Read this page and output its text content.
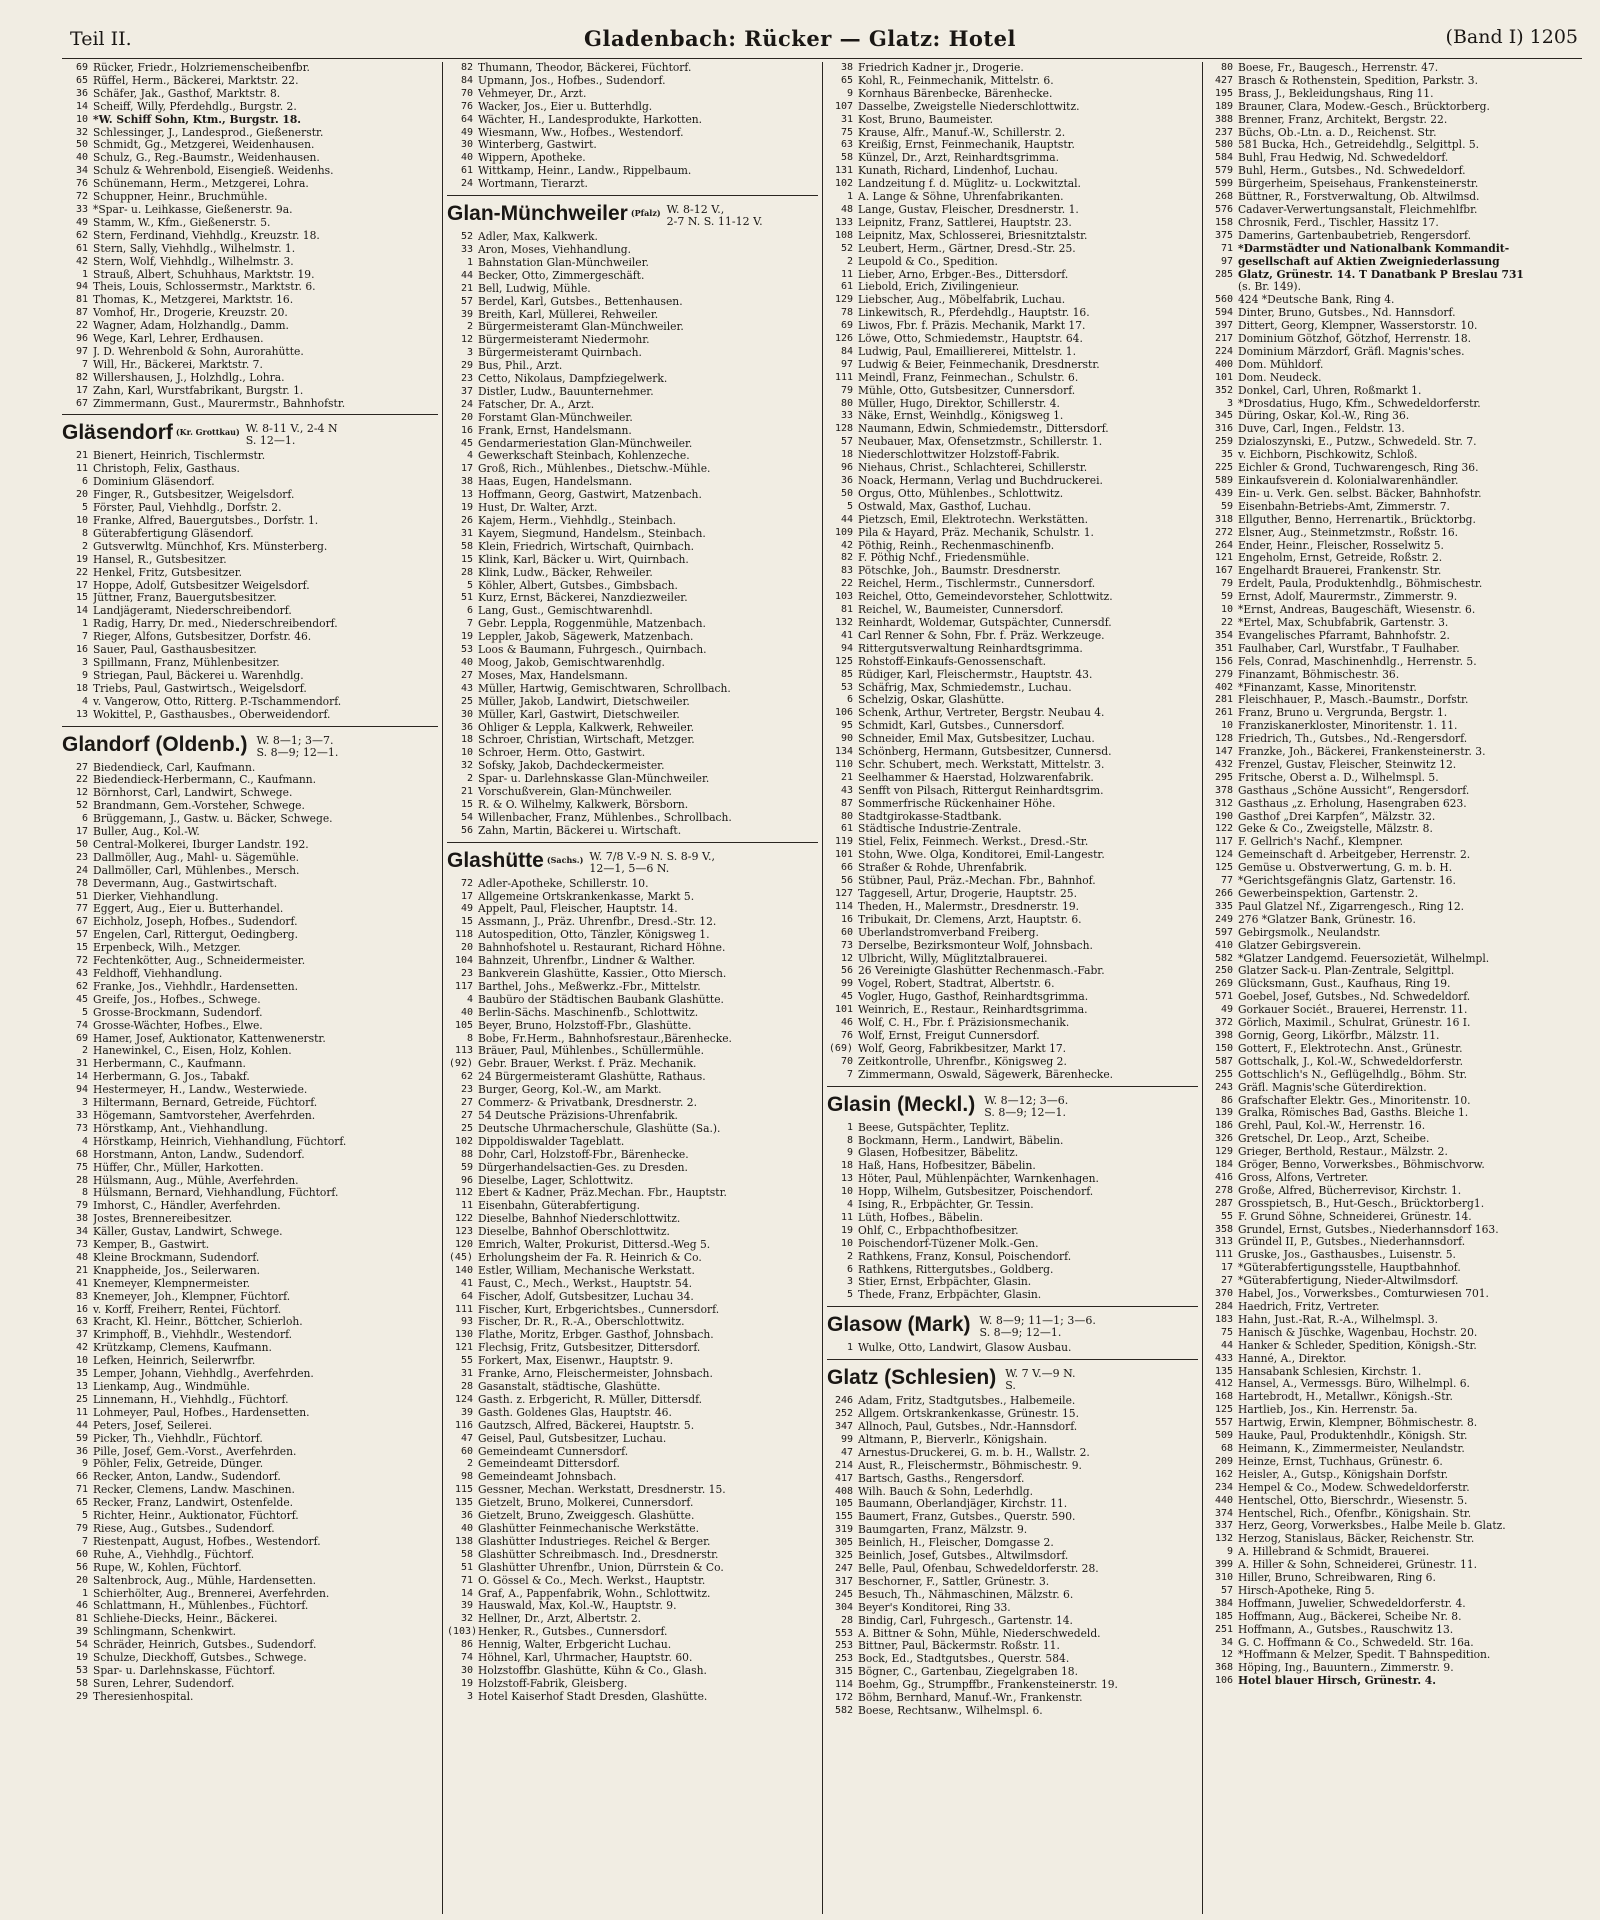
Teil II.	Gladenbach: Rücker — Glatz: Hotel	(Band I) 1205
69 Rücker, Friedr., Holzriemenscheibenfbr.
65 Rüffel, Herm., Bäckerei, Marktstr. 22.
36 Schäfer, Jak., Gasthof, Marktstr. 8.
14 Scheiff, Willy, Pferdehdlg., Burgstr. 2.
10 *W. Schiff Sohn, Ktm., Burgstr. 18.
32 Schlessinger, J., Landesprod., Gießenerstr.
50 Schmidt, Gg., Metzgerei, Weidenhausen.
40 Schulz, G., Reg.-Baumstr., Weidenhausen.
34 Schulz & Wehrenbold, Eisengieß. Weidenhs.
76 Schünemann, Herm., Metzgerei, Lohra.
72 Schuppner, Heinr., Bruchmühle.
33 *Spar- u. Leihkasse, Gießenerstr. 9a.
49 Stamm, W., Kfm., Gießenerstr. 5.
62 Stern, Ferdinand, Viehhdlg., Kreuzstr. 18.
61 Stern, Sally, Viehhdlg., Wilhelmstr. 1.
42 Stern, Wolf, Viehhdlg., Wilhelmstr. 3.
1 Strauß, Albert, Schuhhaus, Marktstr. 19.
94 Theis, Louis, Schlossermstr., Marktstr. 6.
81 Thomas, K., Metzgerei, Marktstr. 16.
87 Vomhof, Hr., Drogerie, Kreuzstr. 20.
22 Wagner, Adam, Holzhandlg., Damm.
96 Wege, Karl, Lehrer, Erdhausen.
97 J. D. Wehrenbold & Sohn, Aurorahütte.
7 Will, Hr., Bäckerei, Marktstr. 7.
82 Willershausen, J., Holzhdlg., Lohra.
17 Zahn, Karl, Wurstfabrikant, Burgstr. 1.
67 Zimmermann, Gust., Maurermstr., Bahnhofstr.
Gläsendorf (Kr. Grottkau) W. 8-11 V., 2-4 N
S. 12—1.
21 Bienert, Heinrich, Tischlermstr.
11 Christoph, Felix, Gasthaus.
6 Dominium Gläsendorf.
20 Finger, R., Gutsbesitzer, Weigelsdorf.
5 Förster, Paul, Viehhdlg., Dorfstr. 2.
10 Franke, Alfred, Bauergutsbes., Dorfstr. 1.
8 Güterabfertigung Gläsendorf.
2 Gutsverwltg. Münchhof, Krs. Münsterberg.
19 Hansel, R., Gutsbesitzer.
22 Henkel, Fritz, Gutsbesitzer.
17 Hoppe, Adolf, Gutsbesitzer Weigelsdorf.
15 Jüttner, Franz, Bauergutsbesitzer.
14 Landjägeramt, Niederschreibendorf.
1 Radig, Harry, Dr. med., Niederschreibendorf.
7 Rieger, Alfons, Gutsbesitzer, Dorfstr. 46.
16 Sauer, Paul, Gasthausbesitzer.
3 Spillmann, Franz, Mühlenbesitzer.
9 Striegan, Paul, Bäckerei u. Warenhdlg.
18 Triebs, Paul, Gastwirtsch., Weigelsdorf.
4 v. Vangerow, Otto, Ritterg. P.-Tschammendorf.
13 Wokittel, P., Gasthausbes., Oberweidendorf.
Glandorf (Oldenb.) W. 8—1; 3—7.
S. 8—9; 12—1.
27 Biedendieck, Carl, Kaufmann.
22 Biedendieck-Herbermann, C., Kaufmann.
12 Börnhorst, Carl, Landwirt, Schwege.
52 Brandmann, Gem.-Vorsteher, Schwege.
6 Brüggemann, J., Gastw. u. Bäcker, Schwege.
17 Buller, Aug., Kol.-W.
50 Central-Molkerei, Iburger Landstr. 192.
23 Dallmöller, Aug., Mahl- u. Sägemühle.
24 Dallmöller, Carl, Mühlenbes., Mersch.
78 Devermann, Aug., Gastwirtschaft.
51 Dierker, Viehhandlung.
77 Eggert, Aug., Eier u. Butterhandel.
67 Eichholz, Joseph, Hofbes., Sudendorf.
57 Engelen, Carl, Rittergut, Oedingberg.
15 Erpenbeck, Wilh., Metzger.
72 Fechtenkötter, Aug., Schneidermeister.
43 Feldhoff, Viehhandlung.
62 Franke, Jos., Viehhdlr., Hardensetten.
45 Greife, Jos., Hofbes., Schwege.
5 Grosse-Brockmann, Sudendorf.
74 Grosse-Wächter, Hofbes., Elwe.
69 Hamer, Josef, Auktionator, Kattenwenerstr.
2 Hanewinkel, C., Eisen, Holz, Kohlen.
31 Herbermann, C., Kaufmann.
14 Herbermann, G. Jos., Tabakf.
94 Hestermeyer, H., Landw., Westerwiede.
3 Hiltermann, Bernard, Getreide, Füchtorf.
33 Högemann, Samtvorsteher, Averfehrden.
73 Hörstkamp, Ant., Viehhandlung.
4 Hörstkamp, Heinrich, Viehhandlung, Füchtorf.
68 Horstmann, Anton, Landw., Sudendorf.
75 Hüffer, Chr., Müller, Harkotten.
28 Hülsmann, Aug., Mühle, Averfehrden.
8 Hülsmann, Bernard, Viehhandlung, Füchtorf.
79 Imhorst, C., Händler, Averfehrden.
38 Jostes, Brennereibesitzer.
34 Käller, Gustav, Landwirt, Schwege.
73 Kemper, B., Gastwirt.
48 Kleine Brockmann, Sudendorf.
21 Knappheide, Jos., Seilerwaren.
41 Knemeyer, Klempnermeister.
83 Knemeyer, Joh., Klempner, Füchtorf.
16 v. Korff, Freiherr, Rentei, Füchtorf.
63 Kracht, Kl. Heinr., Böttcher, Schierloh.
37 Krimphoff, B., Viehhdlr., Westendorf.
42 Krützkamp, Clemens, Kaufmann.
10 Lefken, Heinrich, Seilerwrfbr.
35 Lemper, Johann, Viehhdlg., Averfehrden.
13 Lienkamp, Aug., Windmühle.
25 Linnemann, H., Viehhdlg., Füchtorf.
11 Lohmeyer, Paul, Hofbes., Hardensetten.
44 Peters, Josef, Seilerei.
59 Picker, Th., Viehhdlr., Füchtorf.
36 Pille, Josef, Gem.-Vorst., Averfehrden.
9 Pöhler, Felix, Getreide, Dünger.
66 Recker, Anton, Landw., Sudendorf.
71 Recker, Clemens, Landw. Maschinen.
65 Recker, Franz, Landwirt, Ostenfelde.
5 Richter, Heinr., Auktionator, Füchtorf.
79 Riese, Aug., Gutsbes., Sudendorf.
7 Riestenpatt, August, Hofbes., Westendorf.
60 Ruhe, A., Viehhdlg., Füchtorf.
56 Rupe, W., Kohlen, Füchtorf.
20 Saltenbrock, Aug., Mühle, Hardensetten.
1 Schierhölter, Aug., Brennerei, Averfehrden.
46 Schlattmann, H., Mühlenbes., Füchtorf.
81 Schliehe-Diecks, Heinr., Bäckerei.
39 Schlingmann, Schenkwirt.
54 Schräder, Heinrich, Gutsbes., Sudendorf.
19 Schulze, Dieckhoff, Gutsbes., Schwege.
53 Spar- u. Darlehnskasse, Füchtorf.
58 Suren, Lehrer, Sudendorf.
29 Theresienhospital.
82 Thumann, Theodor, Bäckerei, Füchtorf.
84 Upmann, Jos., Hofbes., Sudendorf.
70 Vehmeyer, Dr., Arzt.
76 Wacker, Jos., Eier u. Butterhdlg.
64 Wächter, H., Landesprodukte, Harkotten.
49 Wiesmann, Ww., Hofbes., Westendorf.
30 Winterberg, Gastwirt.
40 Wippern, Apotheke.
61 Wittkamp, Heinr., Landw., Rippelbaum.
24 Wortmann, Tierarzt.
Glan-Münchweiler (Pfalz) W. 8-12 V.,
2-7 N. S. 11-12 V.
52 Adler, Max, Kalkwerk.
33 Aron, Moses, Viehhandlung.
1 Bahnstation Glan-Münchweiler.
44 Becker, Otto, Zimmergeschäft.
21 Bell, Ludwig, Mühle.
57 Berdel, Karl, Gutsbes., Bettenhausen.
39 Breith, Karl, Müllerei, Rehweiler.
2 Bürgermeisteramt Glan-Münchweiler.
12 Bürgermeisteramt Niedermohr.
3 Bürgermeisteramt Quirnbach.
29 Bus, Phil., Arzt.
23 Cetto, Nikolaus, Dampfziegelwerk.
37 Distler, Ludw., Bauunternehmer.
24 Fatscher, Dr. A., Arzt.
20 Forstamt Glan-Münchweiler.
16 Frank, Ernst, Handelsmann.
45 Gendarmeriestation Glan-Münchweiler.
4 Gewerkschaft Steinbach, Kohlenzeche.
17 Groß, Rich., Mühlenbes., Dietschw.-Mühle.
38 Haas, Eugen, Handelsmann.
13 Hoffmann, Georg, Gastwirt, Matzenbach.
19 Hust, Dr. Walter, Arzt.
26 Kajem, Herm., Viehhdlg., Steinbach.
31 Kayem, Siegmund, Handelsm., Steinbach.
58 Klein, Friedrich, Wirtschaft, Quirnbach.
15 Klink, Karl, Bäcker u. Wirt, Quirnbach.
28 Klink, Ludw., Bäcker, Rehweiler.
5 Köhler, Albert, Gutsbes., Gimbsbach.
51 Kurz, Ernst, Bäckerei, Nanzdiezweiler.
6 Lang, Gust., Gemischtwarenhdl.
7 Gebr. Leppla, Roggenmühle, Matzenbach.
19 Leppler, Jakob, Sägewerk, Matzenbach.
53 Loos & Baumann, Fuhrgesch., Quirnbach.
40 Moog, Jakob, Gemischtwarenhdlg.
27 Moses, Max, Handelsmann.
43 Müller, Hartwig, Gemischtwaren, Schrollbach.
25 Müller, Jakob, Landwirt, Dietschweiler.
30 Müller, Karl, Gastwirt, Dietschweiler.
36 Ohliger & Leppla, Kalkwerk, Rehweiler.
18 Schroer, Christian, Wirtschaft, Metzger.
10 Schroer, Herm. Otto, Gastwirt.
32 Sofsky, Jakob, Dachdeckermeister.
2 Spar- u. Darlehnskasse Glan-Münchweiler.
21 Vorschußverein, Glan-Münchweiler.
15 R. & O. Wilhelmy, Kalkwerk, Börsborn.
54 Willenbacher, Franz, Mühlenbes., Schrollbach.
56 Zahn, Martin, Bäckerei u. Wirtschaft.
Glashütte (Sachs.) W. 7/8 V.-9 N. S. 8-9 V.,
12—1, 5—6 N.
72 Adler-Apotheke, Schillerstr. 10.
17 Allgemeine Ortskrankenkasse, Markt 5.
49 Appelt, Paul, Fleischer, Hauptstr. 14.
15 Assmann, J., Präz. Uhrenfbr., Dresd.-Str. 12.
118 Autospedition, Otto, Tänzler, Königsweg 1.
20 Bahnhofshotel u. Restaurant, Richard Höhne.
104 Bahnzeit, Uhrenfbr., Lindner & Walther.
23 Bankverein Glashütte, Kassier., Otto Miersch.
117 Barthel, Johs., Meßwerkz.-Fbr., Mittelstr.
4 Baubüro der Städtischen Baubank Glashütte.
40 Berlin-Sächs. Maschinenfb., Schlottwitz.
105 Beyer, Bruno, Holzstoff-Fbr., Glashütte.
8 Bobe, Fr.Herm., Bahnhofsrestaur.,Bärenhecke.
113 Bräuer, Paul, Mühlenbes., Schüllermühle.
(92) Gebr. Brauer, Werkst. f. Präz. Mechanik.
62 24 Bürgermeisteramt Glashütte, Rathaus.
23 Burger, Georg, Kol.-W., am Markt.
27 Commerz- & Privatbank, Dresdnerstr. 2.
27 54 Deutsche Präzisions-Uhrenfabrik.
25 Deutsche Uhrmacherschule, Glashütte (Sa.).
102 Dippoldiswalder Tageblatt.
88 Dohr, Carl, Holzstoff-Fbr., Bärenhecke.
59 Dürgerhandelsactien-Ges. zu Dresden.
96 Dieselbe, Lager, Schlottwitz.
112 Ebert & Kadner, Präz.Mechan. Fbr., Hauptstr.
11 Eisenbahn, Güterabfertigung.
122 Dieselbe, Bahnhof Niederschlottwitz.
123 Dieselbe, Bahnhof Oberschlottwitz.
120 Emrich, Walter, Prokurist, Dittersd.-Weg 5.
(45) Erholungsheim der Fa. R. Heinrich & Co.
140 Estler, William, Mechanische Werkstatt.
41 Faust, C., Mech., Werkst., Hauptstr. 54.
64 Fischer, Adolf, Gutsbesitzer, Luchau 34.
111 Fischer, Kurt, Erbgerichtsbes., Cunnersdorf.
93 Fischer, Dr. R., R.-A., Oberschlottwitz.
130 Flathe, Moritz, Erbger. Gasthof, Johnsbach.
121 Flechsig, Fritz, Gutsbesitzer, Dittersdorf.
55 Forkert, Max, Eisenwr., Hauptstr. 9.
31 Franke, Arno, Fleischermeister, Johnsbach.
28 Gasanstalt, städtische, Glashütte.
124 Gasth. z. Erbgericht, R. Müller, Dittersdf.
39 Gasth. Goldenes Glas, Hauptstr. 46.
116 Gautzsch, Alfred, Bäckerei, Hauptstr. 5.
47 Geisel, Paul, Gutsbesitzer, Luchau.
60 Gemeindeamt Cunnersdorf.
2 Gemeindeamt Dittersdorf.
98 Gemeindeamt Johnsbach.
115 Gessner, Mechan. Werkstatt, Dresdnerstr. 15.
135 Gietzelt, Bruno, Molkerei, Cunnersdorf.
36 Gietzelt, Bruno, Zweiggesch. Glashütte.
40 Glashütter Feinmechanische Werkstätte.
138 Glashütter Industrieges. Reichel & Berger.
58 Glashütter Schreibmasch. Ind., Dresdnerstr.
51 Glashütter Uhrenfbr., Union, Dürrstein & Co.
71 O. Gössel & Co., Mech. Werkst., Hauptstr.
14 Graf, A., Pappenfabrik, Wohn., Schlottwitz.
39 Hauswald, Max, Kol.-W., Hauptstr. 9.
32 Hellner, Dr., Arzt, Albertstr. 2.
(103) Henker, R., Gutsbes., Cunnersdorf.
86 Hennig, Walter, Erbgericht Luchau.
74 Höhnel, Karl, Uhrmacher, Hauptstr. 60.
30 Holzstoffbr. Glashütte, Kühn & Co., Glash.
19 Holzstoff-Fabrik, Gleisberg.
3 Hotel Kaiserhof Stadt Dresden, Glashütte.
38 Friedrich Kadner jr., Drogerie.
65 Kohl, R., Feinmechanik, Mittelstr. 6.
9 Kornhaus Bärenbecke, Bärenhecke.
107 Dasselbe, Zweigstelle Niederschlottwitz.
31 Kost, Bruno, Baumeister.
75 Krause, Alfr., Manuf.-W., Schillerstr. 2.
63 Kreißig, Ernst, Feinmechanik, Hauptstr.
58 Künzel, Dr., Arzt, Reinhardtsgrimma.
131 Kunath, Richard, Lindenhof, Luchau.
102 Landzeitung f. d. Müglitz- u. Lockwitztal.
1 A. Lange & Söhne, Uhrenfabrikanten.
48 Lange, Gustav, Fleischer, Dresdnerstr. 1.
133 Leipnitz, Franz, Sattlerei, Hauptstr. 23.
108 Leipnitz, Max, Schlosserei, Briesnitztalstr.
52 Leubert, Herm., Gärtner, Dresd.-Str. 25.
2 Leupold & Co., Spedition.
11 Lieber, Arno, Erbger.-Bes., Dittersdorf.
61 Liebold, Erich, Zivilingenieur.
129 Liebscher, Aug., Möbelfabrik, Luchau.
78 Linkewitsch, R., Pferdehdlg., Hauptstr. 16.
69 Liwos, Fbr. f. Präzis. Mechanik, Markt 17.
126 Löwe, Otto, Schmiedemstr., Hauptstr. 64.
84 Ludwig, Paul, Emailliererei, Mittelstr. 1.
97 Ludwig & Beier, Feinmechanik, Dresdnerstr.
111 Meindl, Franz, Feinmechan., Schulstr. 6.
79 Mühle, Otto, Gutsbesitzer, Cunnersdorf.
80 Müller, Hugo, Direktor, Schillerstr. 4.
33 Näke, Ernst, Weinhdlg., Königsweg 1.
128 Naumann, Edwin, Schmiedemstr., Dittersdorf.
57 Neubauer, Max, Ofensetzmstr., Schillerstr. 1.
18 Niederschlottwitzer Holzstoff-Fabrik.
96 Niehaus, Christ., Schlachterei, Schillerstr.
36 Noack, Hermann, Verlag und Buchdruckerei.
50 Orgus, Otto, Mühlenbes., Schlottwitz.
5 Ostwald, Max, Gasthof, Luchau.
44 Pietzsch, Emil, Elektrotechn. Werkstätten.
109 Pila & Hayard, Präz. Mechanik, Schulstr. 1.
42 Pöthig, Reinh., Rechenmaschinenfb.
82 F. Pöthig Nchf., Friedensmühle.
83 Pötschke, Joh., Baumstr. Dresdnerstr.
22 Reichel, Herm., Tischlermstr., Cunnersdorf.
103 Reichel, Otto, Gemeindevorsteher, Schlottwitz.
81 Reichel, W., Baumeister, Cunnersdorf.
132 Reinhardt, Woldemar, Gutspächter, Cunnersdf.
41 Carl Renner & Sohn, Fbr. f. Präz. Werkzeuge.
94 Rittergutsverwaltung Reinhardtsgrimma.
125 Rohstoff-Einkaufs-Genossenschaft.
85 Rüdiger, Karl, Fleischermstr., Hauptstr. 43.
53 Schäfrig, Max, Schmiedemstr., Luchau.
6 Schelzig, Oskar, Glashütte.
106 Schenk, Arthur, Vertreter, Bergstr. Neubau 4.
95 Schmidt, Karl, Gutsbes., Cunnersdorf.
90 Schneider, Emil Max, Gutsbesitzer, Luchau.
134 Schönberg, Hermann, Gutsbesitzer, Cunnersd.
110 Schr. Schubert, mech. Werkstatt, Mittelstr. 3.
21 Seelhammer & Haerstad, Holzwarenfabrik.
43 Senfft von Pilsach, Rittergut Reinhardtsgrim.
87 Sommerfrische Rückenhainer Höhe.
80 Stadtgirokasse-Stadtbank.
61 Städtische Industrie-Zentrale.
119 Stiel, Felix, Feinmech. Werkst., Dresd.-Str.
101 Stohn, Wwe. Olga, Konditorei, Emil-Langestr.
66 Straßer & Rohde, Uhrenfabrik.
56 Stübner, Paul, Präz.-Mechan. Fbr., Bahnhof.
127 Taggesell, Artur, Drogerie, Hauptstr. 25.
114 Theden, H., Malermstr., Dresdnerstr. 19.
16 Tribukait, Dr. Clemens, Arzt, Hauptstr. 6.
60 Überlandstromverband Freiberg.
73 Derselbe, Bezirksmonteur Wolf, Johnsbach.
12 Ulbricht, Willy, Müglitztalbrauerei.
56 26 Vereinigte Glashütter Rechenmasch.-Fabr.
99 Vogel, Robert, Stadtrat, Albertstr. 6.
45 Vogler, Hugo, Gasthof, Reinhardtsgrimma.
101 Weinrich, E., Restaur., Reinhardtsgrimma.
46 Wolf, C. H., Fbr. f. Präzisionsmechanik.
76 Wolf, Ernst, Freigut Cunnersdorf.
(69) Wolf, Georg, Fabrikbesitzer, Markt 17.
70 Zeitkontrolle, Uhrenfbr., Königsweg 2.
7 Zimmermann, Oswald, Sägewerk, Bärenhecke.
Glasin (Meckl.) W. 8—12; 3—6.
S. 8—9; 12—1.
1 Beese, Gutspächter, Teplitz.
8 Bockmann, Herm., Landwirt, Bäbelin.
9 Glasen, Hofbesitzer, Bäbelitz.
18 Haß, Hans, Hofbesitzer, Bäbelin.
13 Höter, Paul, Mühlenpächter, Warnkenhagen.
10 Hopp, Wilhelm, Gutsbesitzer, Poischendorf.
4 Ising, R., Erbpächter, Gr. Tessin.
11 Lüth, Hofbes., Bäbelin.
19 Ohlf, C., Erbpachthofbesitzer.
10 Poischendorf-Tüzener Molk.-Gen.
2 Rathkens, Franz, Konsul, Poischendorf.
6 Rathkens, Rittergutsbes., Goldberg.
3 Stier, Ernst, Erbpächter, Glasin.
5 Thede, Franz, Erbpächter, Glasin.
Glasow (Mark) W. 8—9; 11—1; 3—6.
S. 8—9; 12—1.
1 Wulke, Otto, Landwirt, Glasow Ausbau.
Glatz (Schlesien) W. 7 V.—9 N.
S.
246 Adam, Fritz, Stadtgutsbes., Halbemeile.
252 Allgem. Ortskrankenkasse, Grünestr. 15.
347 Allnoch, Paul, Gutsbes., Ndr.-Hannsdorf.
99 Altmann, P., Bierverlr., Königshain.
47 Arnestus-Druckerei, G. m. b. H., Wallstr. 2.
214 Aust, R., Fleischermstr., Böhmischestr. 9.
417 Bartsch, Gasths., Rengersdorf.
408 Wilh. Bauch & Sohn, Lederhdlg.
105 Baumann, Oberlandjäger, Kirchstr. 11.
155 Baumert, Franz, Gutsbes., Querstr. 590.
319 Baumgarten, Franz, Mälzstr. 9.
305 Beinlich, H., Fleischer, Domgasse 2.
325 Beinlich, Josef, Gutsbes., Altwilmsdorf.
247 Belle, Paul, Ofenbau, Schwedeldorferstr. 28.
317 Beschorner, F., Sattler, Grünestr. 3.
245 Besuch, Th., Nähmaschinen, Mälzstr. 6.
304 Beyer's Konditorei, Ring 33.
28 Bindig, Carl, Fuhrgesch., Gartenstr. 14.
553 A. Bittner & Sohn, Mühle, Niederschwedeld.
253 Bittner, Paul, Bäckermstr. Roßstr. 11.
253 Bock, Ed., Stadtgutsbes., Querstr. 584.
315 Bögner, C., Gartenbau, Ziegelgraben 18.
114 Boehm, Gg., Strumpffbr., Frankensteinerstr. 19.
172 Böhm, Bernhard, Manuf.-Wr., Frankenstr.
582 Boese, Rechtsanw., Wilhelmspl. 6.
80 Boese, Fr., Baugesch., Herrenstr. 47.
427 Brasch & Rothenstein, Spedition, Parkstr. 3.
195 Brass, J., Bekleidungshaus, Ring 11.
189 Brauner, Clara, Modew.-Gesch., Brücktorberg.
388 Brenner, Franz, Architekt, Bergstr. 22.
237 Büchs, Ob.-Ltn. a. D., Reichenst. Str.
580 581 Bucka, Hch., Getreidehdlg., Selgittpl. 5.
584 Buhl, Frau Hedwig, Nd. Schwedeldorf.
579 Buhl, Herm., Gutsbes., Nd. Schwedeldorf.
599 Bürgerheim, Speisehaus, Frankensteinerstr.
268 Büttner, R., Forstverwaltung, Ob. Altwilmsd.
576 Cadaver-Verwertungsanstalt, Fleichmehlfbr.
158 Chrosnik, Ferd., Tischler, Hassitz 17.
375 Damerins, Gartenbaubetrieb, Rengersdorf.
71 *Darmstädter und Nationalbank Kommandit-
97 gesellschaft auf Aktien Zweigniederlassung
285 Glatz, Grünestr. 14. T Danatbank P Breslau 731
(s. Br. 149).
560 424 *Deutsche Bank, Ring 4.
594 Dinter, Bruno, Gutsbes., Nd. Hannsdorf.
397 Dittert, Georg, Klempner, Wasserstorstr. 10.
217 Dominium Götzhof, Götzhof, Herrenstr. 18.
224 Dominium Märzdorf, Gräfl. Magnis'sches.
400 Dom. Mühldorf.
101 Dom. Neudeck.
352 Donkel, Carl, Uhren, Roßmarkt 1.
3 *Drosdatius, Hugo, Kfm., Schwedeldorferstr.
345 Düring, Oskar, Kol.-W., Ring 36.
316 Duve, Carl, Ingen., Feldstr. 13.
259 Dzialoszynski, E., Putzw., Schwedeld. Str. 7.
35 v. Eichborn, Pischkowitz, Schloß.
225 Eichler & Grond, Tuchwarengesch, Ring 36.
589 Einkaufsverein d. Kolonialwarenhändler.
439 Ein- u. Verk. Gen. selbst. Bäcker, Bahnhofstr.
59 Eisenbahn-Betriebs-Amt, Zimmerstr. 7.
318 Ellguther, Benno, Herrenartik., Brücktorbg.
272 Elsner, Aug., Steinmetzmstr., Roßstr. 16.
264 Ender, Heinr., Fleischer, Rosselwitz 5.
121 Engeholm, Ernst, Getreide, Roßstr. 2.
167 Engelhardt Brauerei, Frankenstr. Str.
79 Erdelt, Paula, Produktenhdlg., Böhmischestr.
59 Ernst, Adolf, Maurermstr., Zimmerstr. 9.
10 *Ernst, Andreas, Baugeschäft, Wiesenstr. 6.
22 *Ertel, Max, Schubfabrik, Gartenstr. 3.
354 Evangelisches Pfarramt, Bahnhofstr. 2.
351 Faulhaber, Carl, Wurstfabr., T Faulhaber.
156 Fels, Conrad, Maschinenhdlg., Herrenstr. 5.
279 Finanzamt, Böhmischestr. 36.
402 *Finanzamt, Kasse, Minoritenstr.
281 Fleischhauer, P., Masch.-Baumstr., Dorfstr.
261 Franz, Bruno u. Vergrunda, Bergstr. 1.
10 Franziskanerkloster, Minoritenstr. 1. 11.
128 Friedrich, Th., Gutsbes., Nd.-Rengersdorf.
147 Franzke, Joh., Bäckerei, Frankensteinerstr. 3.
432 Frenzel, Gustav, Fleischer, Steinwitz 12.
295 Fritsche, Oberst a. D., Wilhelmspl. 5.
378 Gasthaus „Schöne Aussicht“, Rengersdorf.
312 Gasthaus „z. Erholung, Hasengraben 623.
190 Gasthof „Drei Karpfen“, Mälzstr. 32.
122 Geke & Co., Zweigstelle, Mälzstr. 8.
117 F. Gellrich's Nachf., Klempner.
124 Gemeinschaft d. Arbeitgeber, Herrenstr. 2.
125 Gemüse u. Obstverwertung, G. m. b. H.
77 *Gerichtsgefängnis Glatz, Gartenstr. 16.
266 Gewerbeinspektion, Gartenstr. 2.
335 Paul Glatzel Nf., Zigarrengesch., Ring 12.
249 276 *Glatzer Bank, Grünestr. 16.
597 Gebirgsmolk., Neulandstr.
410 Glatzer Gebirgsverein.
582 *Glatzer Landgemd. Feuersozietät, Wilhelmpl.
250 Glatzer Sack-u. Plan-Zentrale, Selgittpl.
269 Glücksmann, Gust., Kaufhaus, Ring 19.
571 Goebel, Josef, Gutsbes., Nd. Schwedeldorf.
49 Gorkauer Sociét., Brauerei, Herrenstr. 11.
372 Görlich, Maximil., Schulrat, Grünestr. 16 I.
398 Gornig, Georg, Likörfbr., Mälzstr. 11.
150 Gottert, F., Elektrotechn. Anst., Grünestr.
587 Gottschalk, J., Kol.-W., Schwedeldorferstr.
255 Gottschlich's N., Geflügelhdlg., Böhm. Str.
243 Gräfl. Magnis'sche Güterdirektion.
86 Grafschafter Elektr. Ges., Minoritenstr. 10.
139 Gralka, Römisches Bad, Gasths. Bleiche 1.
186 Grehl, Paul, Kol.-W., Herrenstr. 16.
326 Gretschel, Dr. Leop., Arzt, Scheibe.
129 Grieger, Berthold, Restaur., Mälzstr. 2.
184 Gröger, Benno, Vorwerksbes., Böhmischvorw.
416 Gross, Alfons, Vertreter.
278 Große, Alfred, Bücherrevisor, Kirchstr. 1.
287 Grosspietsch, B., Hut-Gesch., Brücktorberg1.
55 F. Grund Söhne, Schneiderei, Grünestr. 14.
358 Grundel, Ernst, Gutsbes., Niederhannsdorf 163.
313 Gründel II, P., Gutsbes., Niederhannsdorf.
111 Gruske, Jos., Gasthausbes., Luisenstr. 5.
17 *Güterabfertigungsstelle, Hauptbahnhof.
27 *Güterabfertigung, Nieder-Altwilmsdorf.
370 Habel, Jos., Vorwerksbes., Comturwiesen 701.
284 Haedrich, Fritz, Vertreter.
183 Hahn, Just.-Rat, R.-A., Wilhelmspl. 3.
75 Hanisch & Jüschke, Wagenbau, Hochstr. 20.
44 Hanker & Schleder, Spedition, Königsh.-Str.
433 Hanné, A., Direktor.
135 Hansabank Schlesien, Kirchstr. 1.
412 Hansel, A., Vermessgs. Büro, Wilhelmpl. 6.
168 Hartebrodt, H., Metallwr., Königsh.-Str.
125 Hartlieb, Jos., Kin. Herrenstr. 5a.
557 Hartwig, Erwin, Klempner, Böhmischestr. 8.
509 Hauke, Paul, Produktenhdlr., Königsh. Str.
68 Heimann, K., Zimmermeister, Neulandstr.
209 Heinze, Ernst, Tuchhaus, Grünestr. 6.
162 Heisler, A., Gutsp., Königshain Dorfstr.
234 Hempel & Co., Modew. Schwedeldorferstr.
440 Hentschel, Otto, Bierschrdr., Wiesenstr. 5.
374 Hentschel, Rich., Ofenfbr., Königshain. Str.
337 Herz, Georg, Vorwerksbes., Halbe Meile b. Glatz.
132 Herzog, Stanislaus, Bäcker, Reichenstr. Str.
9 A. Hillebrand & Schmidt, Brauerei.
399 A. Hiller & Sohn, Schneiderei, Grünestr. 11.
310 Hiller, Bruno, Schreibwaren, Ring 6.
57 Hirsch-Apotheke, Ring 5.
384 Hoffmann, Juwelier, Schwedeldorferstr. 4.
185 Hoffmann, Aug., Bäckerei, Scheibe Nr. 8.
251 Hoffmann, A., Gutsbes., Rauschwitz 13.
34 G. C. Hoffmann & Co., Schwedeld. Str. 16a.
12 *Hoffmann & Melzer, Spedit. T Bahnspedition.
368 Höping, Ing., Bauuntern., Zimmerstr. 9.
106 Hotel blauer Hirsch, Grünestr. 4.
